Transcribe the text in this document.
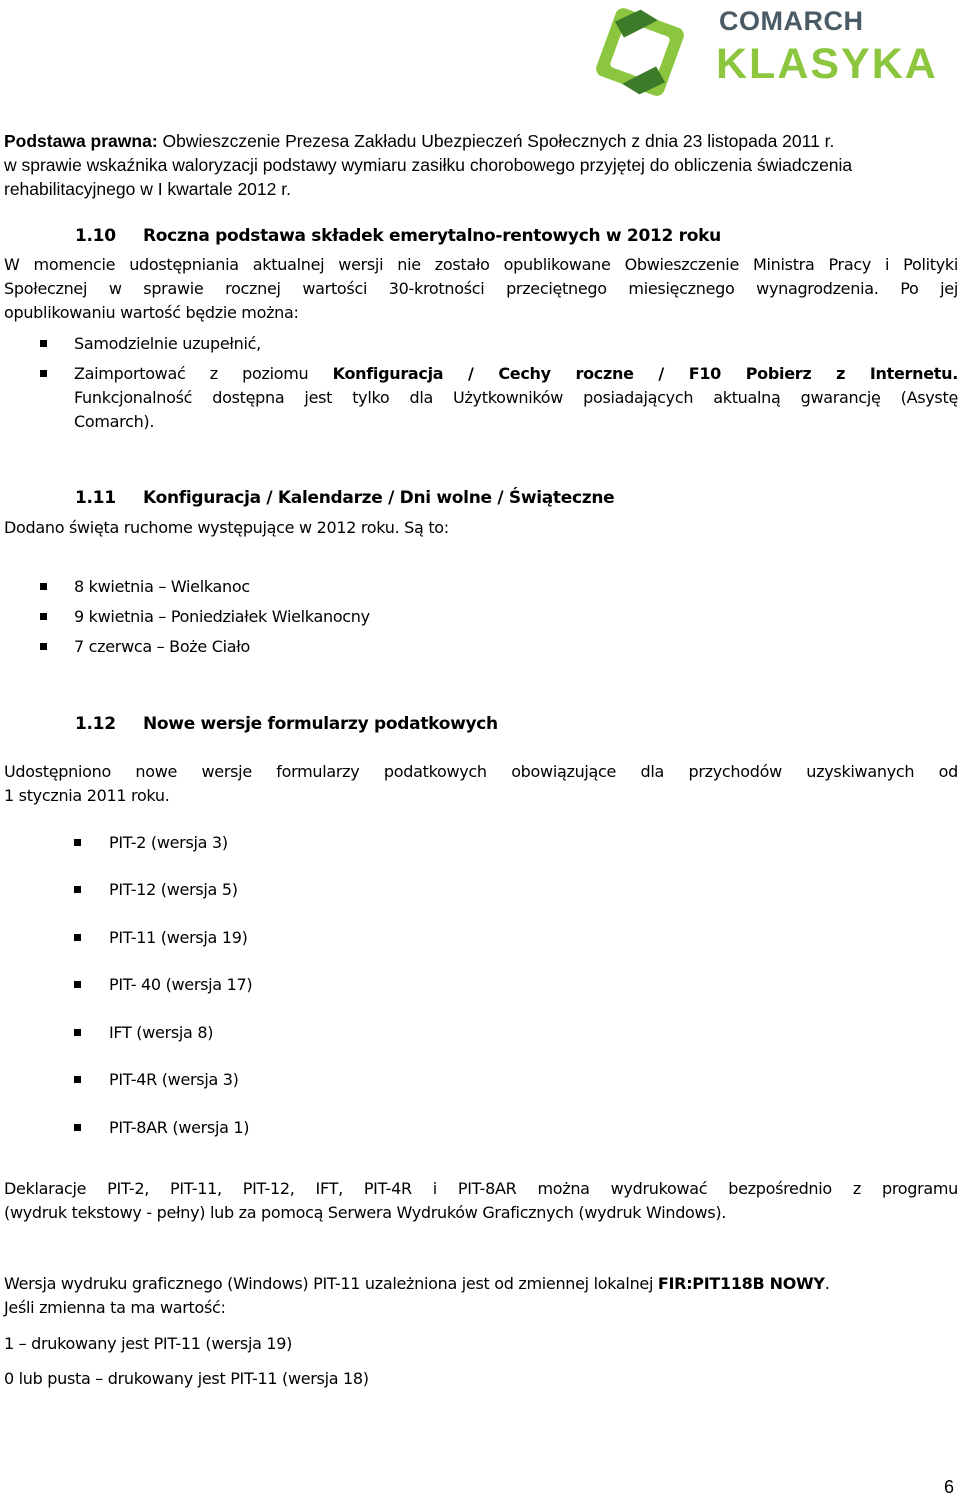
COMARCH
KLASYKA
Podstawa prawna: Obwieszczenie Prezesa Zakładu Ubezpieczeń Społecznych z dnia 23 listopada 2011 r.
w sprawie wskaźnika waloryzacji podstawy wymiaru zasiłku chorobowego przyjętej do obliczenia świadczenia
rehabilitacyjnego w I kwartale 2012 r.
1.10 Roczna podstawa składek emerytalno-rentowych w 2012 roku
W momencie udostępniania aktualnej wersji nie zostało opublikowane Obwieszczenie Ministra Pracy i Polityki
Społecznej w sprawie rocznej wartości 30-krotności przeciętnego miesięcznego wynagrodzenia. Po jej
opublikowaniu wartość będzie można:
Samodzielnie uzupełnić,
Zaimportować z poziomu Konfiguracja / Cechy roczne / F10 Pobierz z Internetu.
Funkcjonalność dostępna jest tylko dla Użytkowników posiadających aktualną gwarancję (Asystę
Comarch).
1.11 Konfiguracja / Kalendarze / Dni wolne / Świąteczne
Dodano święta ruchome występujące w 2012 roku. Są to:
8 kwietnia – Wielkanoc
9 kwietnia – Poniedziałek Wielkanocny
7 czerwca – Boże Ciało
1.12 Nowe wersje formularzy podatkowych
Udostępniono nowe wersje formularzy podatkowych obowiązujące dla przychodów uzyskiwanych od
1 stycznia 2011 roku.
PIT-2 (wersja 3)
PIT-12 (wersja 5)
PIT-11 (wersja 19)
PIT- 40 (wersja 17)
IFT (wersja 8)
PIT-4R (wersja 3)
PIT-8AR (wersja 1)
Deklaracje PIT-2, PIT-11, PIT-12, IFT, PIT-4R i PIT-8AR można wydrukować bezpośrednio z programu
(wydruk tekstowy - pełny) lub za pomocą Serwera Wydruków Graficznych (wydruk Windows).
Wersja wydruku graficznego (Windows) PIT-11 uzależniona jest od zmiennej lokalnej FIR:PIT118B NOWY.
Jeśli zmienna ta ma wartość:
1 – drukowany jest PIT-11 (wersja 19)
0 lub pusta – drukowany jest PIT-11 (wersja 18)
6
